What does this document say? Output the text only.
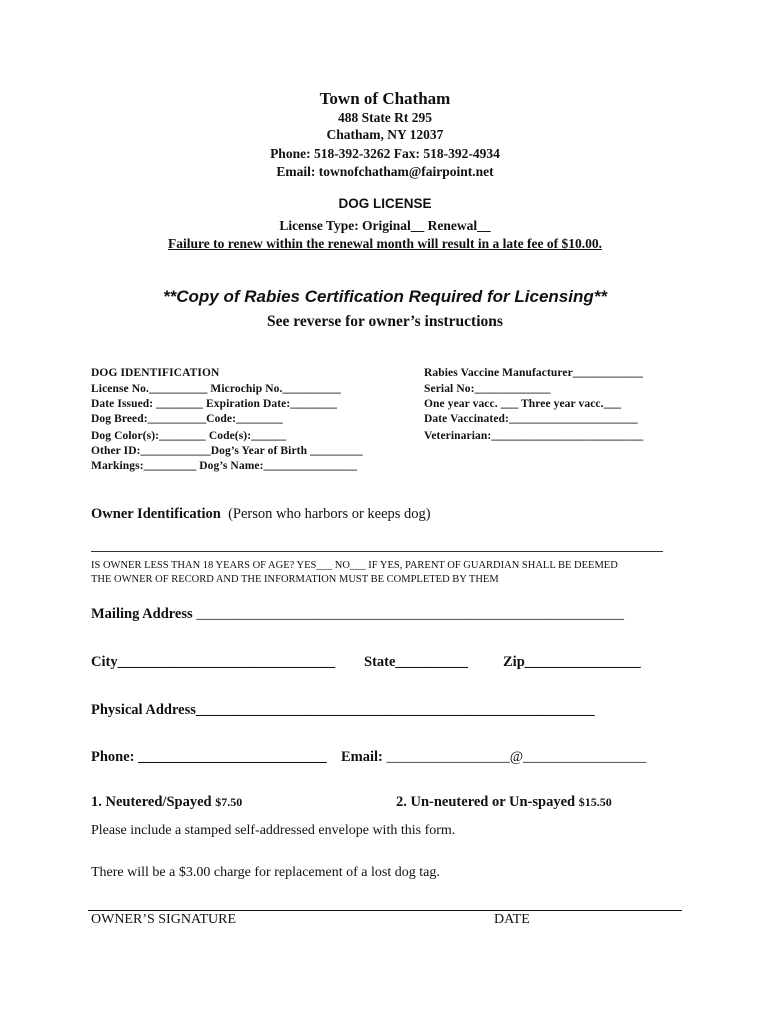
Town of Chatham
488 State Rt 295
Chatham, NY 12037
Phone: 518-392-3262 Fax: 518-392-4934
Email: townofchatham@fairpoint.net
DOG LICENSE
License Type: Original__ Renewal__
Failure to renew within the renewal month will result in a late fee of $10.00.
**Copy of Rabies Certification Required for Licensing**
See reverse for owner’s instructions
DOG IDENTIFICATION
License No.__________ Microchip No.__________
Date Issued: ________ Expiration Date:________
Dog Breed:__________Code:________
Dog Color(s):________ Code(s):______
Other ID:____________Dog’s Year of Birth _________
Markings:_________ Dog’s Name:________________
Rabies Vaccine Manufacturer____________
Serial No:_____________
One year vacc. ___ Three year vacc.___
Date Vaccinated:______________________
Veterinarian:__________________________
Owner Identification (Person who harbors or keeps dog)
IS OWNER LESS THAN 18 YEARS OF AGE? YES___ NO___ IF YES, PARENT OF GUARDIAN SHALL BE DEEMED
THE OWNER OF RECORD AND THE INFORMATION MUST BE COMPLETED BY THEM
Mailing Address ___________________________________________________________
City______________________________ State__________ Zip________________
Physical Address_______________________________________________________
Phone: __________________________ Email: _________________@_________________
1. Neutered/Spayed $7.50	2. Un-neutered or Un-spayed $15.50
Please include a stamped self-addressed envelope with this form.
There will be a $3.00 charge for replacement of a lost dog tag.
OWNER’S SIGNATURE	DATE
